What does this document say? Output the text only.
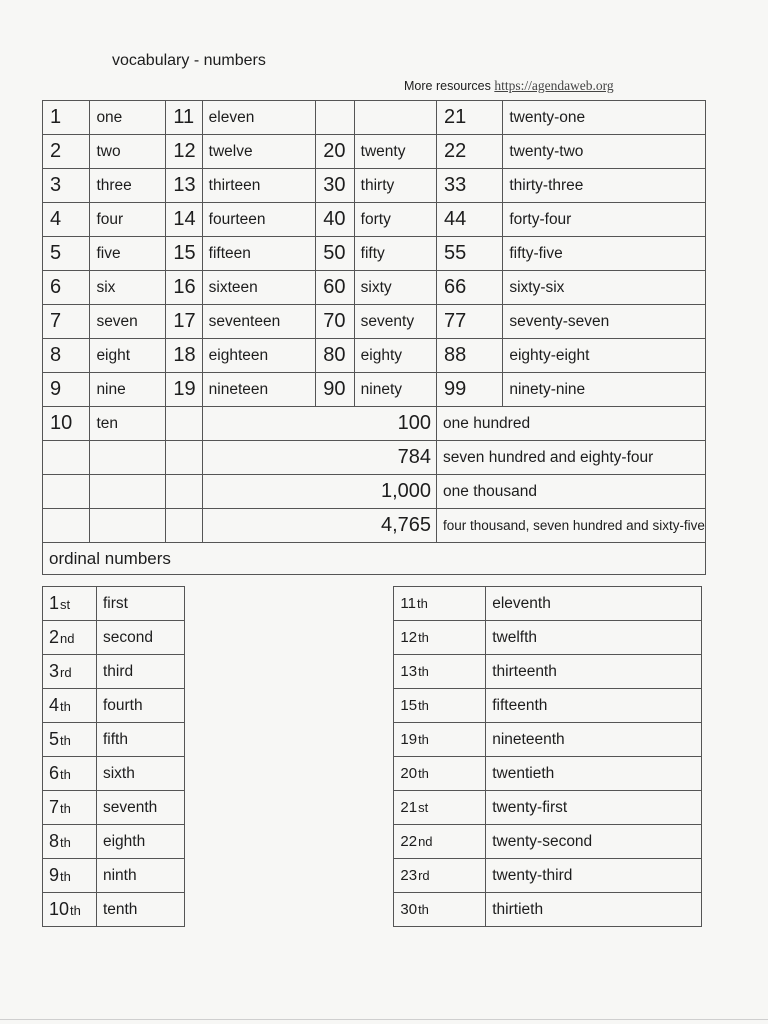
vocabulary - numbers
More resources https://agendaweb.org
1	one	11	eleven			21	twenty-one
2	two	12	twelve	20	twenty	22	twenty-two
3	three	13	thirteen	30	thirty	33	thirty-three
4	four	14	fourteen	40	forty	44	forty-four
5	five	15	fifteen	50	fifty	55	fifty-five
6	six	16	sixteen	60	sixty	66	sixty-six
7	seven	17	seventeen	70	seventy	77	seventy-seven
8	eight	18	eighteen	80	eighty	88	eighty-eight
9	nine	19	nineteen	90	ninety	99	ninety-nine
10	ten		100			one hundred	
			784			seven hundred and eighty-four	
			1,000			one thousand	
			4,765			four thousand, seven hundred and sixty-five	
ordinal numbers							
1st	first		11th	eleventh
2nd	second		12th	twelfth
3rd	third		13th	thirteenth
4th	fourth		15th	fifteenth
5th	fifth		19th	nineteenth
6th	sixth		20th	twentieth
7th	seventh		21st	twenty-first
8th	eighth		22nd	twenty-second
9th	ninth		23rd	twenty-third
10th	tenth		30th	thirtieth
